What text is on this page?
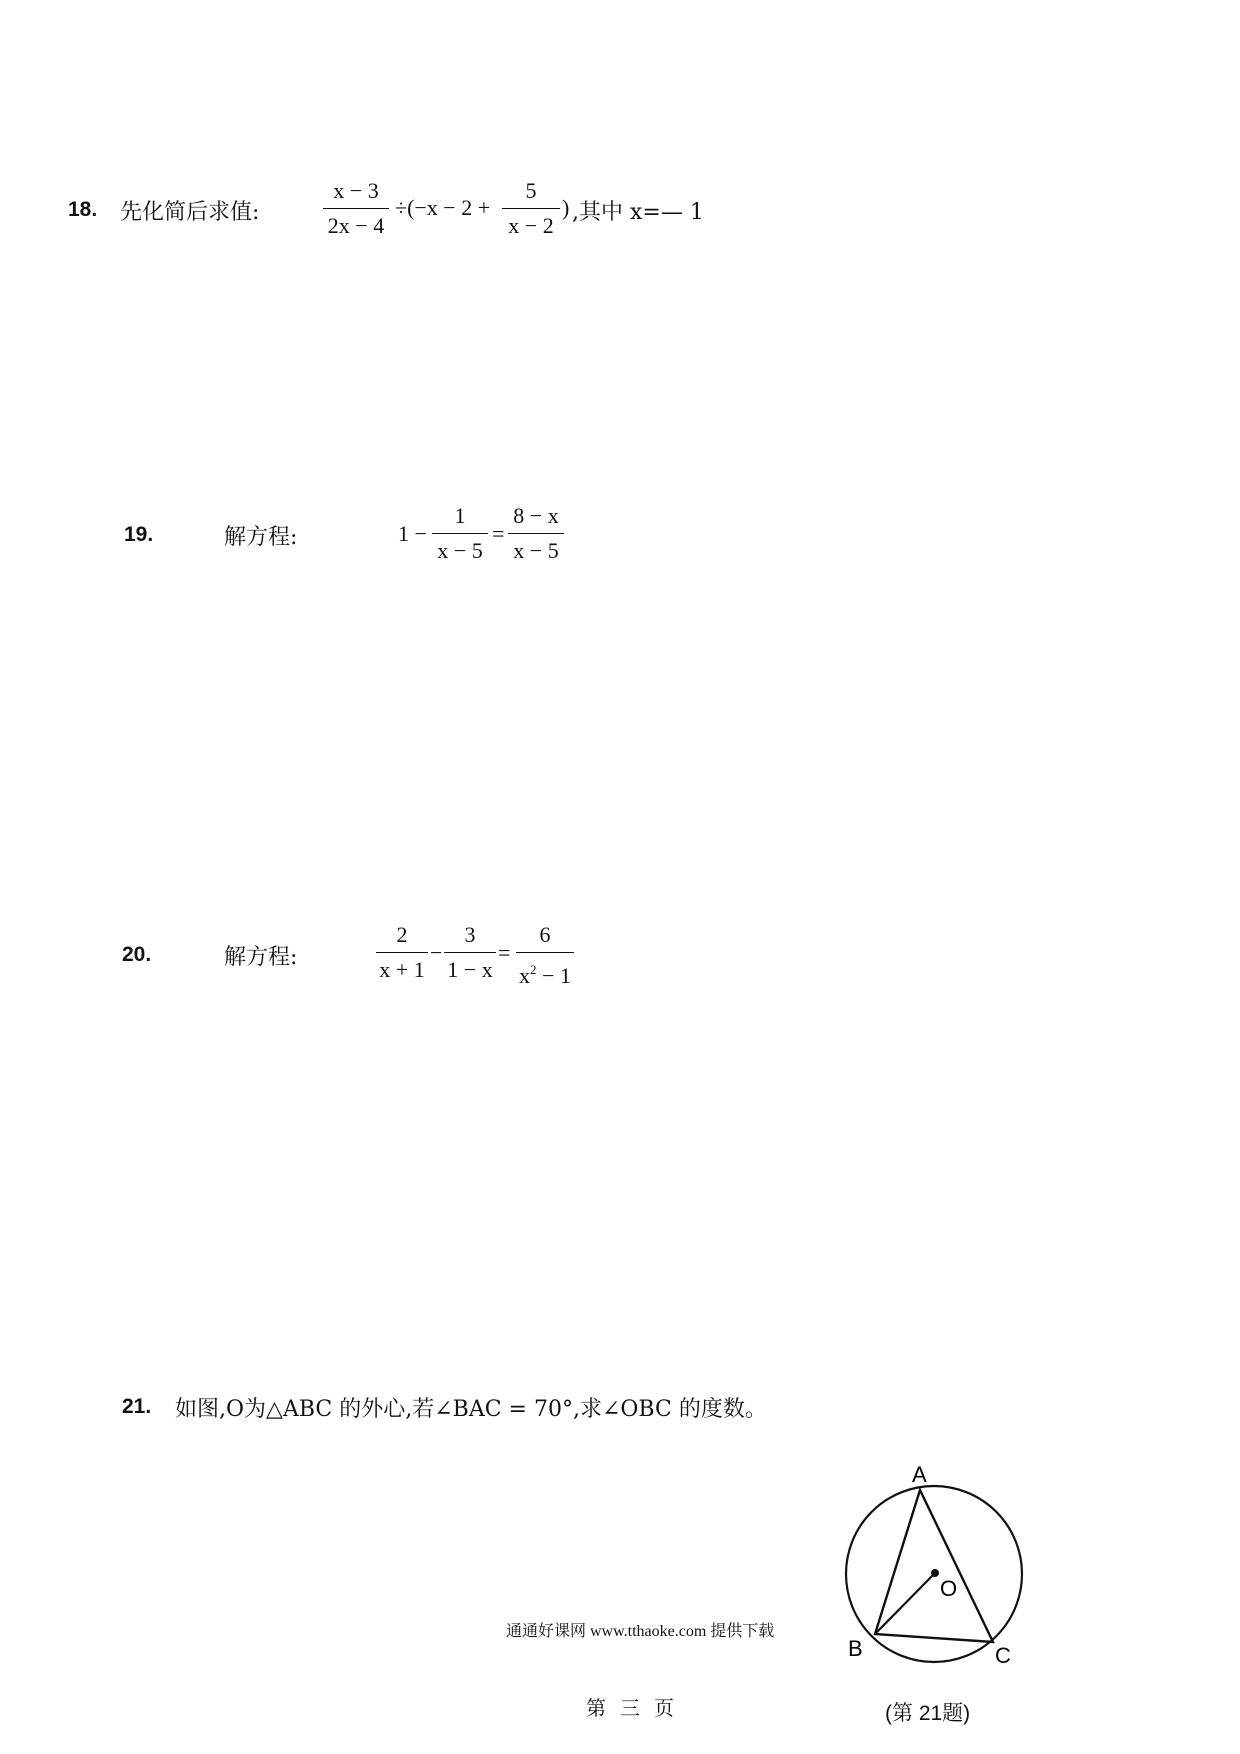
18. 先化简后求值:
x − 3
2x − 4
÷(−x − 2 +
5
x − 2
) ,其中 x=— 1
19.	解方程:	1 −
1
x − 5
=
8 − x
x − 5
20.	解方程:
2
x + 1
−
3
1 − x
=
6
$x^2 - 1$
21. 如图,O为△ABC 的外心,若∠BAC = 70°,求∠OBC 的度数。
A
B	C
O
通通好课网 www.tthaoke.com 提供下载
第三页	(第 21题)
